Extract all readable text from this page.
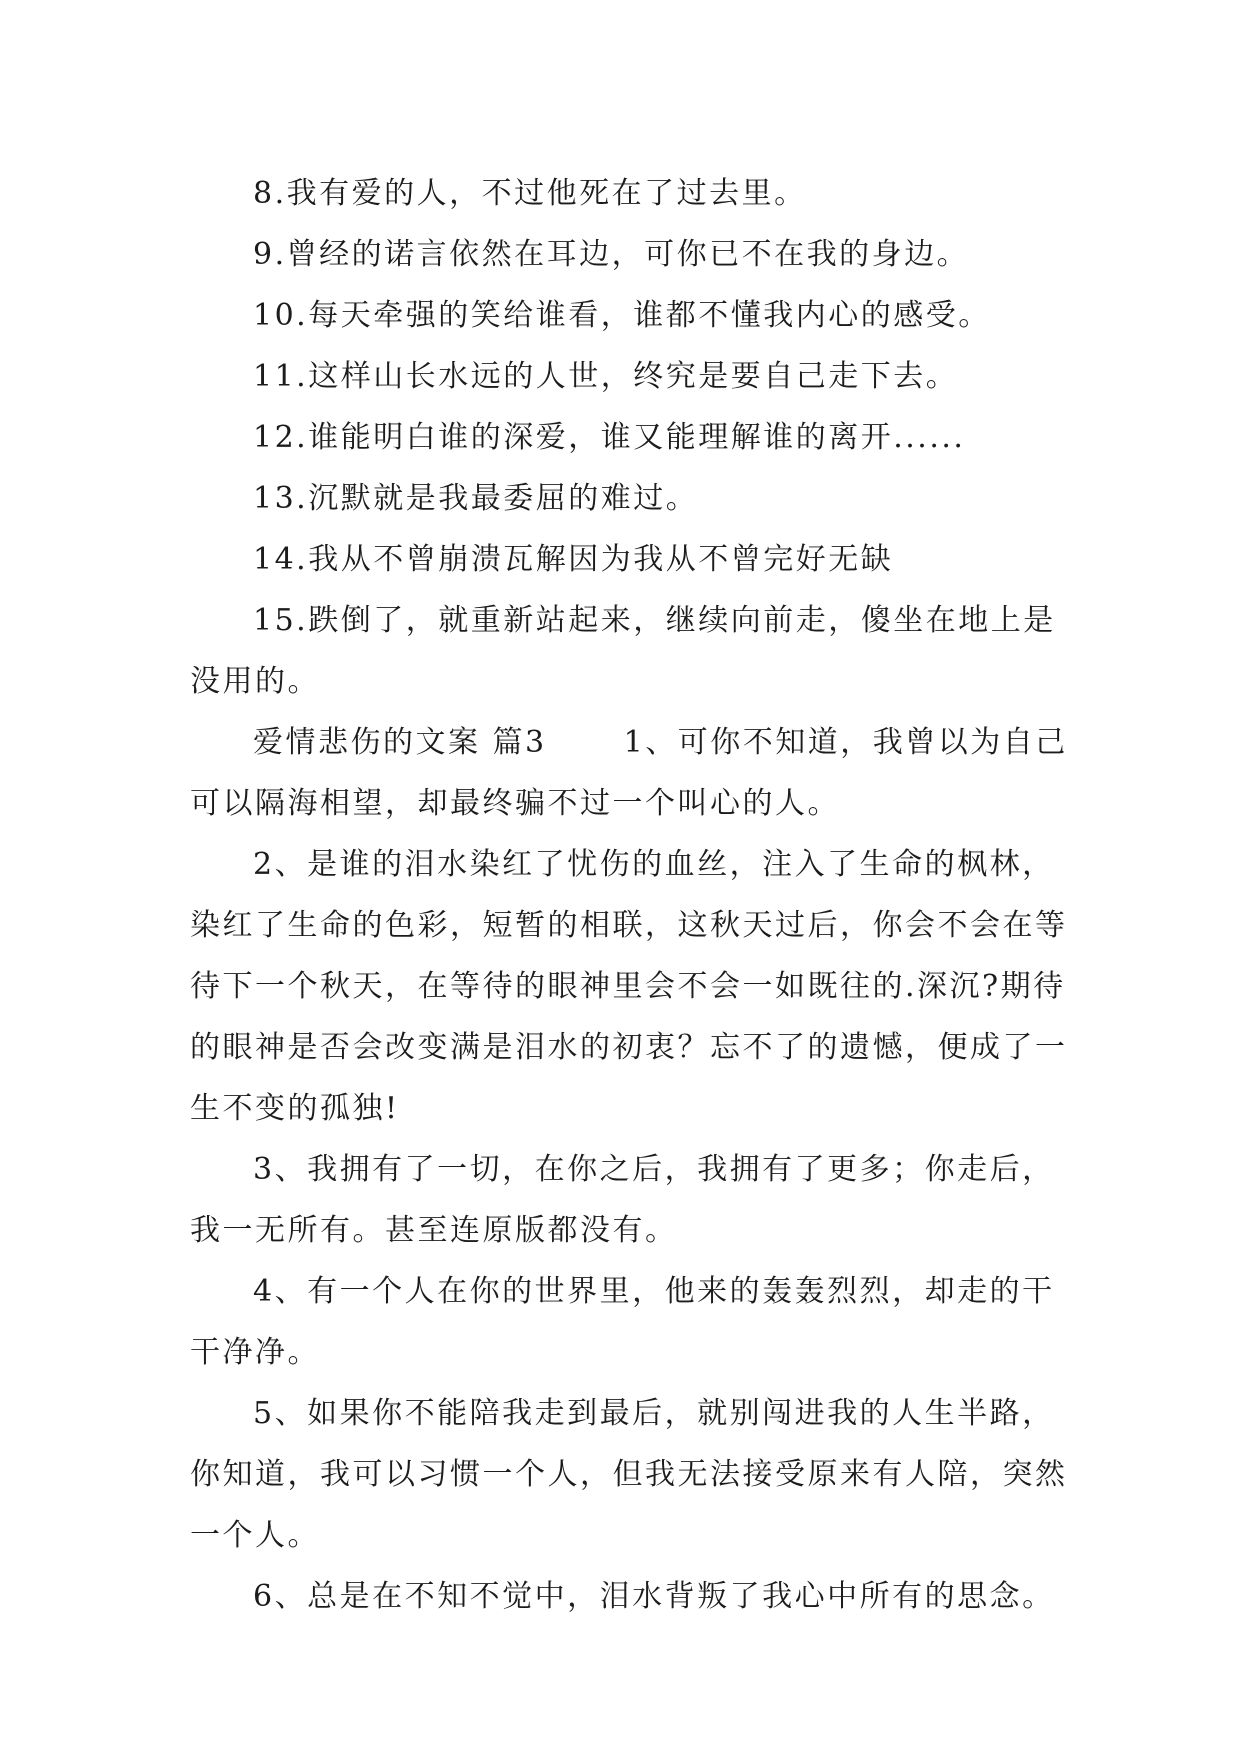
8.我有爱的人，不过他死在了过去里。

9.曾经的诺言依然在耳边，可你已不在我的身边。

10.每天牵强的笑给谁看，谁都不懂我内心的感受。

11.这样山长水远的人世，终究是要自己走下去。

12.谁能明白谁的深爱，谁又能理解谁的离开......

13.沉默就是我最委屈的难过。

14.我从不曾崩溃瓦解因为我从不曾完好无缺

15.跌倒了，就重新站起来，继续向前走，傻坐在地上是没用的。

爱情悲伤的文案 篇3 　　1、可你不知道，我曾以为自己可以隔海相望，却最终骗不过一个叫心的人。

2、是谁的泪水染红了忧伤的血丝，注入了生命的枫林，染红了生命的色彩，短暂的相联，这秋天过后，你会不会在等待下一个秋天，在等待的眼神里会不会一如既往的.深沉?期待的眼神是否会改变满是泪水的初衷？忘不了的遗憾，便成了一生不变的孤独!

3、我拥有了一切，在你之后，我拥有了更多；你走后，我一无所有。甚至连原版都没有。

4、有一个人在你的世界里，他来的轰轰烈烈，却走的干干净净。

5、如果你不能陪我走到最后，就别闯进我的人生半路，你知道，我可以习惯一个人，但我无法接受原来有人陪，突然一个人。

6、总是在不知不觉中，泪水背叛了我心中所有的思念。
